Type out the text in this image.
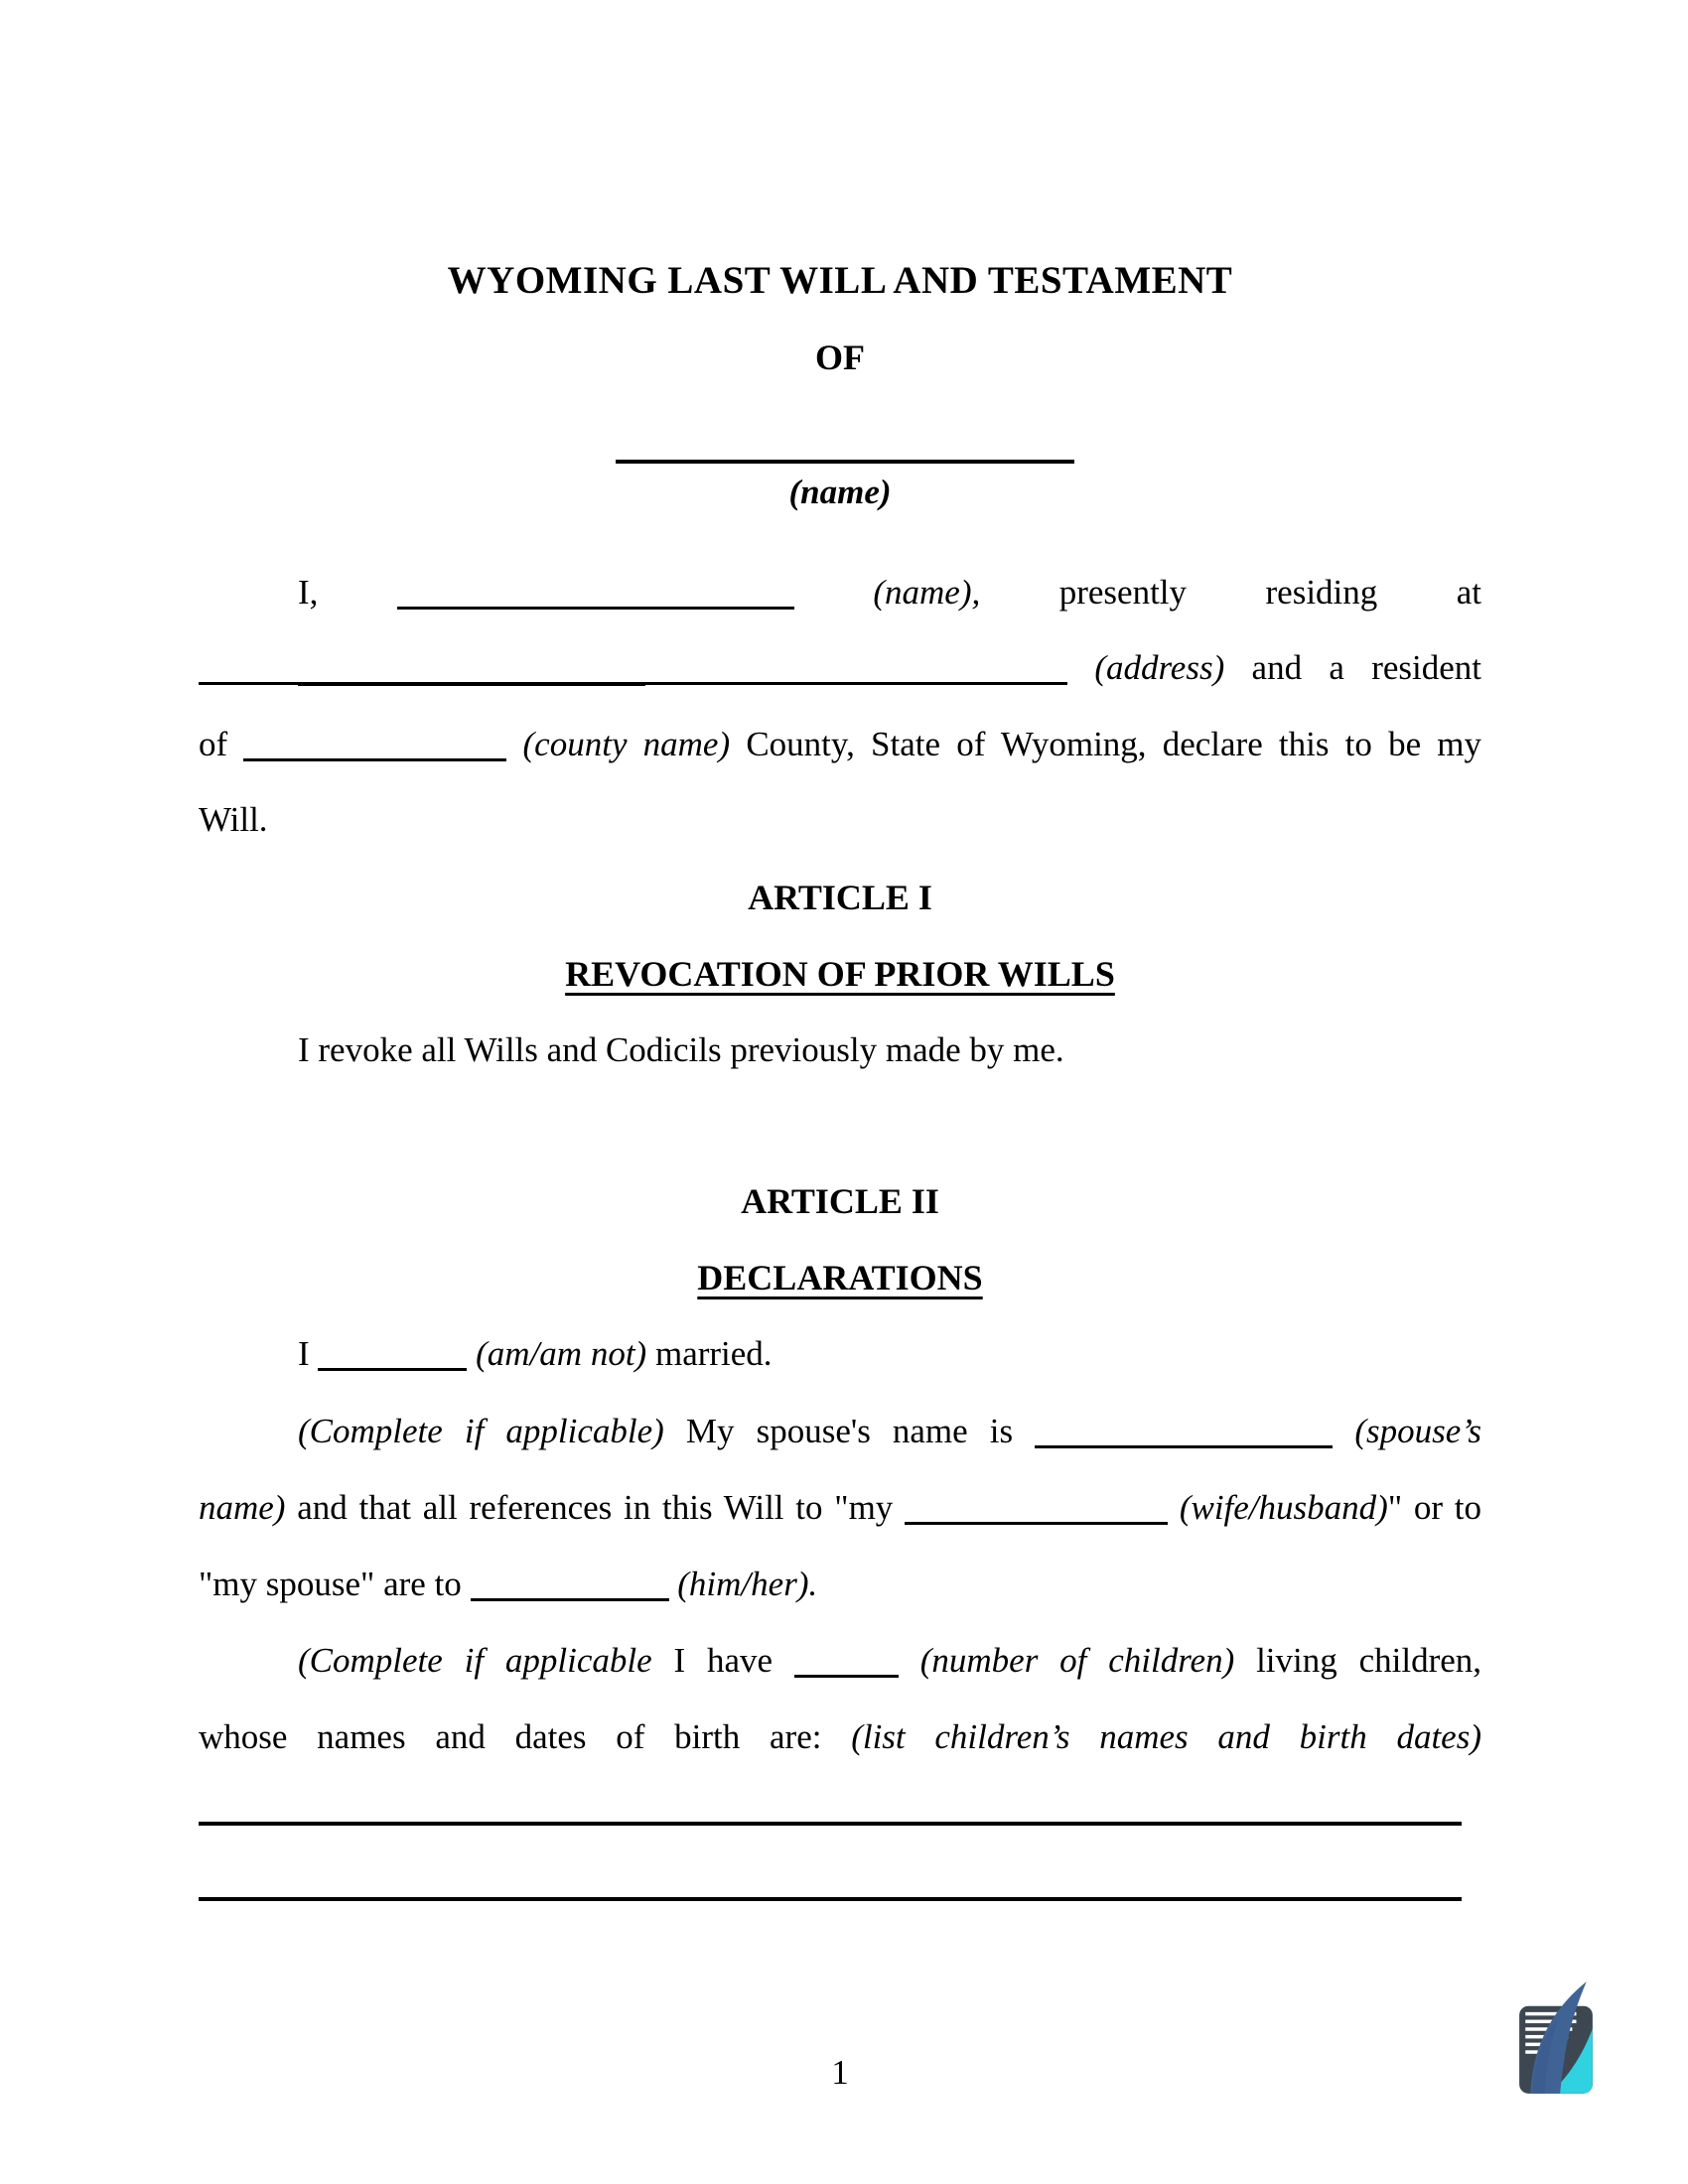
WYOMING LAST WILL AND TESTAMENT
OF
(name)
I,	(name), presently residing at
(address) and a resident
of	(county name) County, State of Wyoming, declare this to be my
Will.
ARTICLE I
REVOCATION OF PRIOR WILLS
I revoke all Wills and Codicils previously made by me.
ARTICLE II
DECLARATIONS
I	(am/am not) married.
(Complete if applicable) My spouse's name is	(spouse’s
name) and that all references in this Will to "my	(wife/husband)" or to
"my spouse" are to	(him/her).
(Complete if applicable I have	(number of children) living children,
whose names and dates of birth are: (list children’s names and birth dates)
1
